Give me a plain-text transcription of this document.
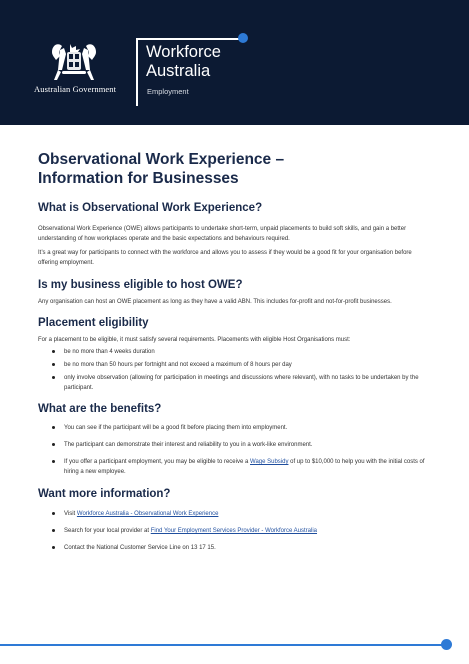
Australian Government
Workforce
Australia
Employment
Observational Work Experience –
Information for Businesses
What is Observational Work Experience?

Observational Work Experience (OWE) allows participants to undertake short-term, unpaid placements to build soft skills, and gain a better understanding of how workplaces operate and the basic expectations and behaviours required.

It’s a great way for participants to connect with the workforce and allows you to assess if they would be a good fit for your organisation before offering employment.

Is my business eligible to host OWE?

Any organisation can host an OWE placement as long as they have a valid ABN. This includes for-profit and not-for-profit businesses.

Placement eligibility

For a placement to be eligible, it must satisfy several requirements. Placements with eligible Host Organisations must:

be no more than 4 weeks duration
be no more than 50 hours per fortnight and not exceed a maximum of 8 hours per day
only involve observation (allowing for participation in meetings and discussions where relevant), with no tasks to be undertaken by the participant.
What are the benefits?
You can see if the participant will be a good fit before placing them into employment.
The participant can demonstrate their interest and reliability to you in a work-like environment.
If you offer a participant employment, you may be eligible to receive a Wage Subsidy of up to $10,000 to help you with the initial costs of hiring a new employee.
Want more information?
Visit Workforce Australia - Observational Work Experience
Search for your local provider at Find Your Employment Services Provider - Workforce Australia
Contact the National Customer Service Line on 13 17 15.
